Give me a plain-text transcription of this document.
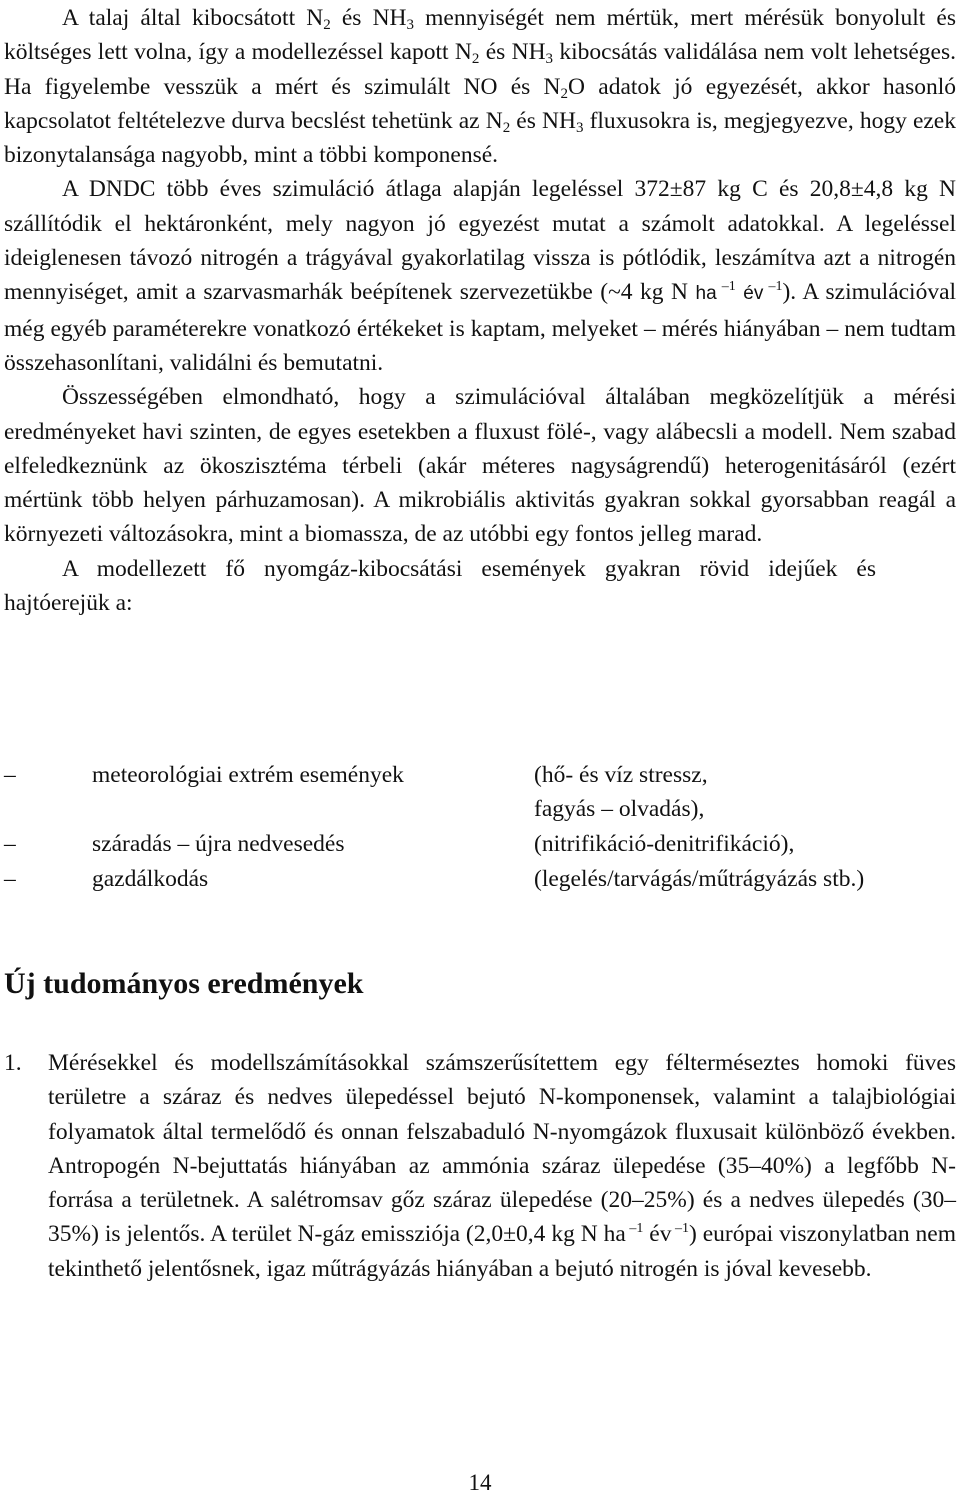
A talaj által kibocsátott $N_2$ és $NH_3$ mennyiségét nem mértük, mert mérésük bonyolult és költséges lett volna, így a modellezéssel kapott $N_2$ és $NH_3$ kibocsátás validálása nem volt lehetséges. Ha figyelembe vesszük a mért és szimulált NO és $N_2O$ adatok jó egyezését, akkor hasonló kapcsolatot feltételezve durva becslést tehetünk az $N_2$ és $NH_3$ fluxusokra is, megjegyezve, hogy ezek bizonytalansága nagyobb, mint a többi komponensé.

A DNDC több éves szimuláció átlaga alapján legeléssel 372±87 kg C és 20,8±4,8 kg N szállítódik el hektáronként, mely nagyon jó egyezést mutat a számolt adatokkal. A legeléssel ideiglenesen távozó nitrogén a trágyával gyakorlatilag vissza is pótlódik, leszámítva azt a nitrogén mennyiséget, amit a szarvasmarhák beépítenek szervezetükbe (~4 kg N ha $^{-1}$ év $^{-1}$). A szimulációval még egyéb paraméterekre vonatkozó értékeket is kaptam, melyeket – mérés hiányában – nem tudtam összehasonlítani, validálni és bemutatni.

Összességében elmondható, hogy a szimulációval általában megközelítjük a mérési eredményeket havi szinten, de egyes esetekben a fluxust fölé-, vagy alábecsli a modell. Nem szabad elfeledkeznünk az ökoszisztéma térbeli (akár méteres nagyságrendű) heterogenitásáról (ezért mértünk több helyen párhuzamosan). A mikrobiális aktivitás gyakran sokkal gyorsabban reagál a környezeti változásokra, mint a biomassza, de az utóbbi egy fontos jelleg marad.

A modellezett fő nyomgáz-kibocsátási események gyakran rövid idejűek és hajtóerejük a:

–	meteorológiai extrém események	(hő- és víz stressz,
fagyás – olvadás),
–	száradás – újra nedvesedés	(nitrifikáció-denitrifikáció),
–	gazdálkodás	(legelés/tarvágás/műtrágyázás stb.)
Új tudományos eredmények
1. Mérésekkel és modellszámításokkal számszerűsítettem egy félterméseztes homoki füves területre a száraz és nedves ülepedéssel bejutó N-komponensek, valamint a talajbiológiai folyamatok által termelődő és onnan felszabaduló N-nyomgázok fluxusait különböző években. Antropogén N-bejuttatás hiányában az ammónia száraz ülepedése (35–40%) a legfőbb N-forrása a területnek. A salétromsav gőz száraz ülepedése (20–25%) és a nedves ülepedés (30–35%) is jelentős. A terület N-gáz emissziója (2,0±0,4 kg N ha $^{-1}$ év $^{-1}$) európai viszonylatban nem tekinthető jelentősnek, igaz műtrágyázás hiányában a bejutó nitrogén is jóval kevesebb.

14
